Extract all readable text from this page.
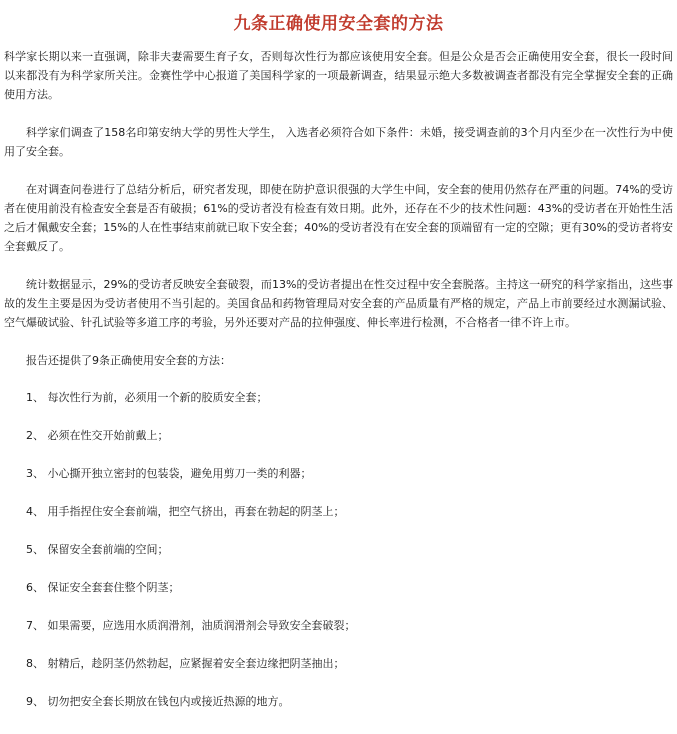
九条正确使用安全套的方法

科学家长期以来一直强调，除非夫妻需要生育子女，否则每次性行为都应该使用安全套。但是公众是否会正确使用安全套，很长一段时间以来都没有为科学家所关注。金赛性学中心报道了美国科学家的一项最新调查，结果显示绝大多数被调查者都没有完全掌握安全套的正确使用方法。

科学家们调查了158名印第安纳大学的男性大学生， 入选者必须符合如下条件：未婚，接受调查前的3个月内至少在一次性行为中使用了安全套。

在对调查问卷进行了总结分析后，研究者发现，即使在防护意识很强的大学生中间，安全套的使用仍然存在严重的问题。74%的受访者在使用前没有检查安全套是否有破损；61%的受访者没有检查有效日期。此外，还存在不少的技术性问题：43%的受访者在开始性生活之后才佩戴安全套；15%的人在性事结束前就已取下安全套；40%的受访者没有在安全套的顶端留有一定的空隙；更有30%的受访者将安全套戴反了。

统计数据显示，29%的受访者反映安全套破裂，而13%的受访者提出在性交过程中安全套脱落。主持这一研究的科学家指出，这些事故的发生主要是因为受访者使用不当引起的。美国食品和药物管理局对安全套的产品质量有严格的规定，产品上市前要经过水测漏试验、空气爆破试验、针孔试验等多道工序的考验，另外还要对产品的拉伸强度、伸长率进行检测，不合格者一律不许上市。

报告还提供了9条正确使用安全套的方法：

1、 每次性行为前，必须用一个新的胶质安全套；
2、 必须在性交开始前戴上；
3、 小心撕开独立密封的包装袋，避免用剪刀一类的利器；
4、 用手指捏住安全套前端，把空气挤出，再套在勃起的阴茎上；
5、 保留安全套前端的空间；
6、 保证安全套套住整个阴茎；
7、 如果需要，应选用水质润滑剂，油质润滑剂会导致安全套破裂；
8、 射精后，趁阴茎仍然勃起，应紧握着安全套边缘把阴茎抽出；
9、 切勿把安全套长期放在钱包内或接近热源的地方。
